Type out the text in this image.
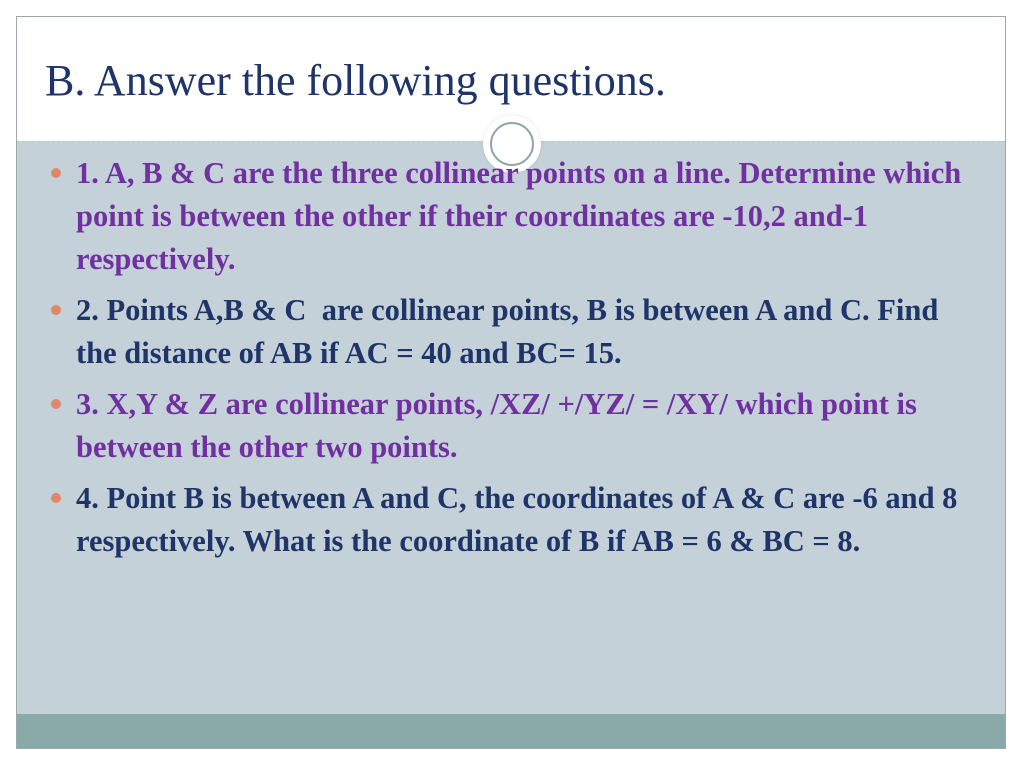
B. Answer the following questions.
1. A, B & C are the three collinear points on a line. Determine which point is between the other if their coordinates are -10,2 and-1 respectively.
2. Points A,B & C  are collinear points, B is between A and C. Find the distance of AB if AC = 40 and BC= 15.
3. X,Y & Z are collinear points, /XZ/ +/YZ/ = /XY/ which point is between the other two points.
4. Point B is between A and C, the coordinates of A & C are -6 and 8 respectively. What is the coordinate of B if AB = 6 & BC = 8.
